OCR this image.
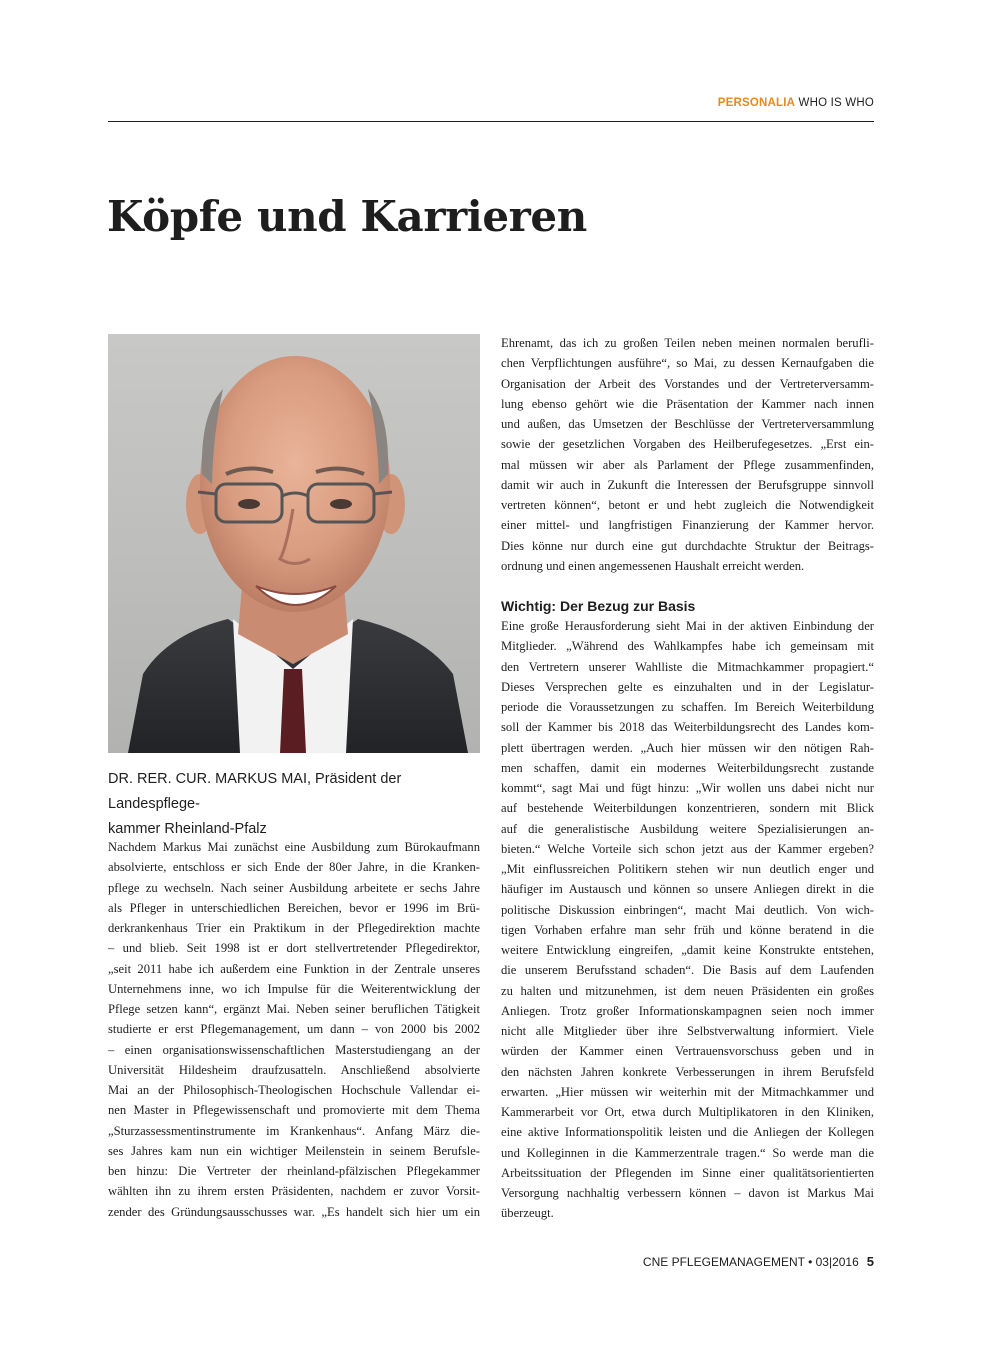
PERSONALIA WHO IS WHO
Köpfe und Karrieren
DR. RER. CUR. MARKUS MAI, Präsident der Landespflege-
kammer Rheinland-Pfalz
Nachdem Markus Mai zunächst eine Ausbildung zum Bürokaufmann
absolvierte, entschloss er sich Ende der 80er Jahre, in die Kranken-
pflege zu wechseln. Nach seiner Ausbildung arbeitete er sechs Jahre
als Pfleger in unterschiedlichen Bereichen, bevor er 1996 im Brü-
derkrankenhaus Trier ein Praktikum in der Pflegedirektion machte
– und blieb. Seit 1998 ist er dort stellvertretender Pflegedirektor,
„seit 2011 habe ich außerdem eine Funktion in der Zentrale unseres
Unternehmens inne, wo ich Impulse für die Weiterentwicklung der
Pflege setzen kann“, ergänzt Mai. Neben seiner beruflichen Tätigkeit
studierte er erst Pflegemanagement, um dann – von 2000 bis 2002
– einen organisationswissenschaftlichen Masterstudiengang an der
Universität Hildesheim draufzusatteln. Anschließend absolvierte
Mai an der Philosophisch-Theologischen Hochschule Vallendar ei-
nen Master in Pflegewissenschaft und promovierte mit dem Thema
„Sturzassessmentinstrumente im Krankenhaus“. Anfang März die-
ses Jahres kam nun ein wichtiger Meilenstein in seinem Berufsle-
ben hinzu: Die Vertreter der rheinland-pfälzischen Pflegekammer
wählten ihn zu ihrem ersten Präsidenten, nachdem er zuvor Vorsit-
zender des Gründungsausschusses war. „Es handelt sich hier um ein
Ehrenamt, das ich zu großen Teilen neben meinen normalen berufli-
chen Verpflichtungen ausführe“, so Mai, zu dessen Kernaufgaben die
Organisation der Arbeit des Vorstandes und der Vertreterversamm-
lung ebenso gehört wie die Präsentation der Kammer nach innen
und außen, das Umsetzen der Beschlüsse der Vertreterversammlung
sowie der gesetzlichen Vorgaben des Heilberufegesetzes. „Erst ein-
mal müssen wir aber als Parlament der Pflege zusammenfinden,
damit wir auch in Zukunft die Interessen der Berufsgruppe sinnvoll
vertreten können“, betont er und hebt zugleich die Notwendigkeit
einer mittel- und langfristigen Finanzierung der Kammer hervor.
Dies könne nur durch eine gut durchdachte Struktur der Beitrags-
ordnung und einen angemessenen Haushalt erreicht werden.
Wichtig: Der Bezug zur Basis
Eine große Herausforderung sieht Mai in der aktiven Einbindung der
Mitglieder. „Während des Wahlkampfes habe ich gemeinsam mit
den Vertretern unserer Wahlliste die Mitmachkammer propagiert.“
Dieses Versprechen gelte es einzuhalten und in der Legislatur-
periode die Voraussetzungen zu schaffen. Im Bereich Weiterbildung
soll der Kammer bis 2018 das Weiterbildungsrecht des Landes kom-
plett übertragen werden. „Auch hier müssen wir den nötigen Rah-
men schaffen, damit ein modernes Weiterbildungsrecht zustande
kommt“, sagt Mai und fügt hinzu: „Wir wollen uns dabei nicht nur
auf bestehende Weiterbildungen konzentrieren, sondern mit Blick
auf die generalistische Ausbildung weitere Spezialisierungen an-
bieten.“ Welche Vorteile sich schon jetzt aus der Kammer ergeben?
„Mit einflussreichen Politikern stehen wir nun deutlich enger und
häufiger im Austausch und können so unsere Anliegen direkt in die
politische Diskussion einbringen“, macht Mai deutlich. Von wich-
tigen Vorhaben erfahre man sehr früh und könne beratend in die
weitere Entwicklung eingreifen, „damit keine Konstrukte entstehen,
die unserem Berufsstand schaden“. Die Basis auf dem Laufenden
zu halten und mitzunehmen, ist dem neuen Präsidenten ein großes
Anliegen. Trotz großer Informationskampagnen seien noch immer
nicht alle Mitglieder über ihre Selbstverwaltung informiert. Viele
würden der Kammer einen Vertrauensvorschuss geben und in
den nächsten Jahren konkrete Verbesserungen in ihrem Berufsfeld
erwarten. „Hier müssen wir weiterhin mit der Mitmachkammer und
Kammerarbeit vor Ort, etwa durch Multiplikatoren in den Kliniken,
eine aktive Informationspolitik leisten und die Anliegen der Kollegen
und Kolleginnen in die Kammerzentrale tragen.“ So werde man die
Arbeitssituation der Pflegenden im Sinne einer qualitätsorientierten
Versorgung nachhaltig verbessern können – davon ist Markus Mai
überzeugt.
CNE PFLEGEMANAGEMENT • 03|2016 5
